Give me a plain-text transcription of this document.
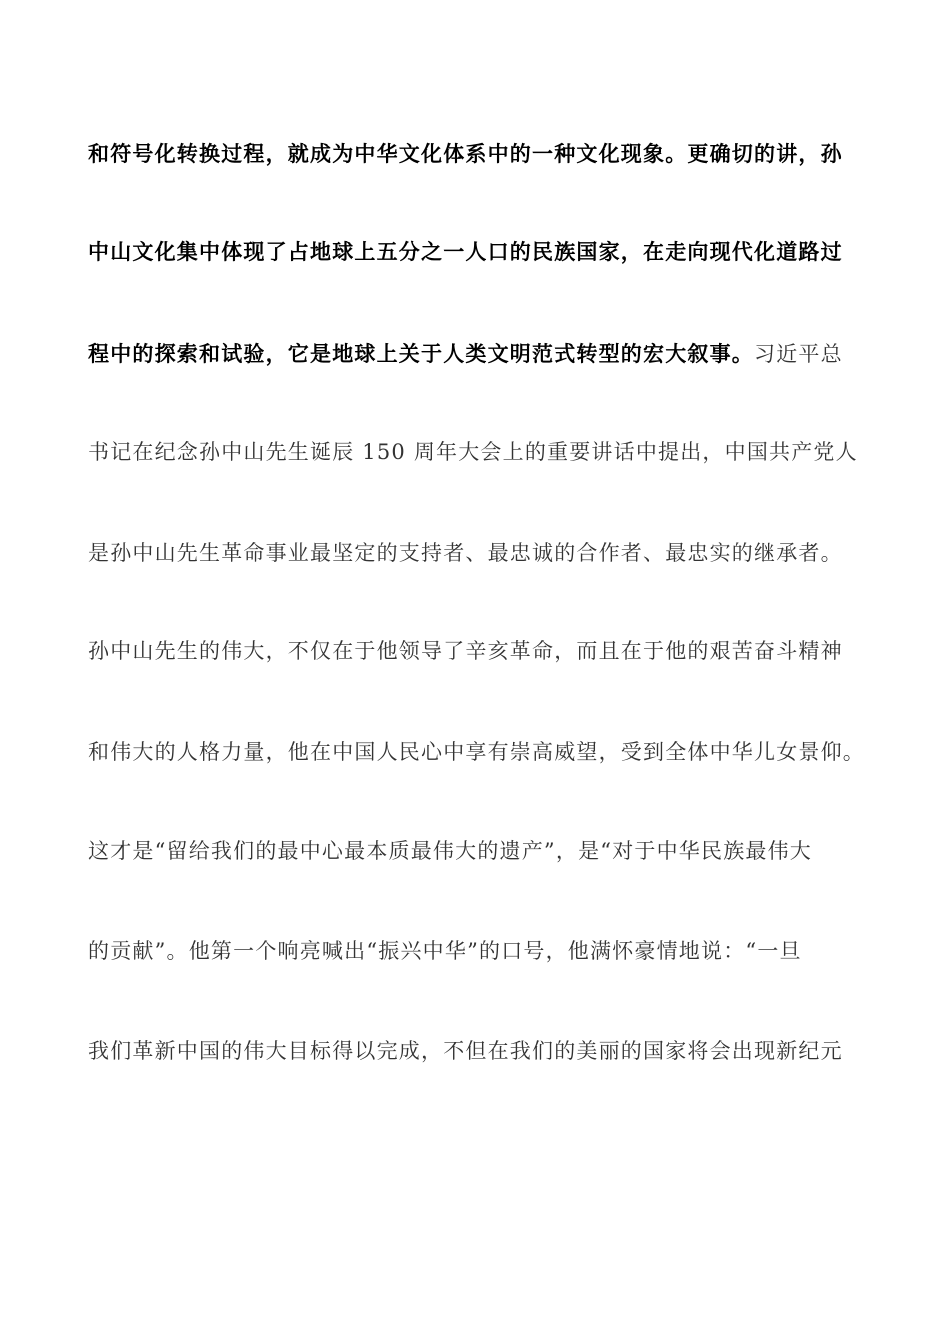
和符号化转换过程，就成为中华文化体系中的一种文化现象。更确切的讲，孙
中山文化集中体现了占地球上五分之一人口的民族国家，在走向现代化道路过
程中的探索和试验，它是地球上关于人类文明范式转型的宏大叙事。习近平总
书记在纪念孙中山先生诞辰 150 周年大会上的重要讲话中提出，中国共产党人
是孙中山先生革命事业最坚定的支持者、最忠诚的合作者、最忠实的继承者。
孙中山先生的伟大，不仅在于他领导了辛亥革命，而且在于他的艰苦奋斗精神
和伟大的人格力量，他在中国人民心中享有崇高威望，受到全体中华儿女景仰。
这才是“留给我们的最中心最本质最伟大的遗产”，是“对于中华民族最伟大
的贡献”。他第一个响亮喊出“振兴中华”的口号，他满怀豪情地说：“一旦
我们革新中国的伟大目标得以完成，不但在我们的美丽的国家将会出现新纪元
